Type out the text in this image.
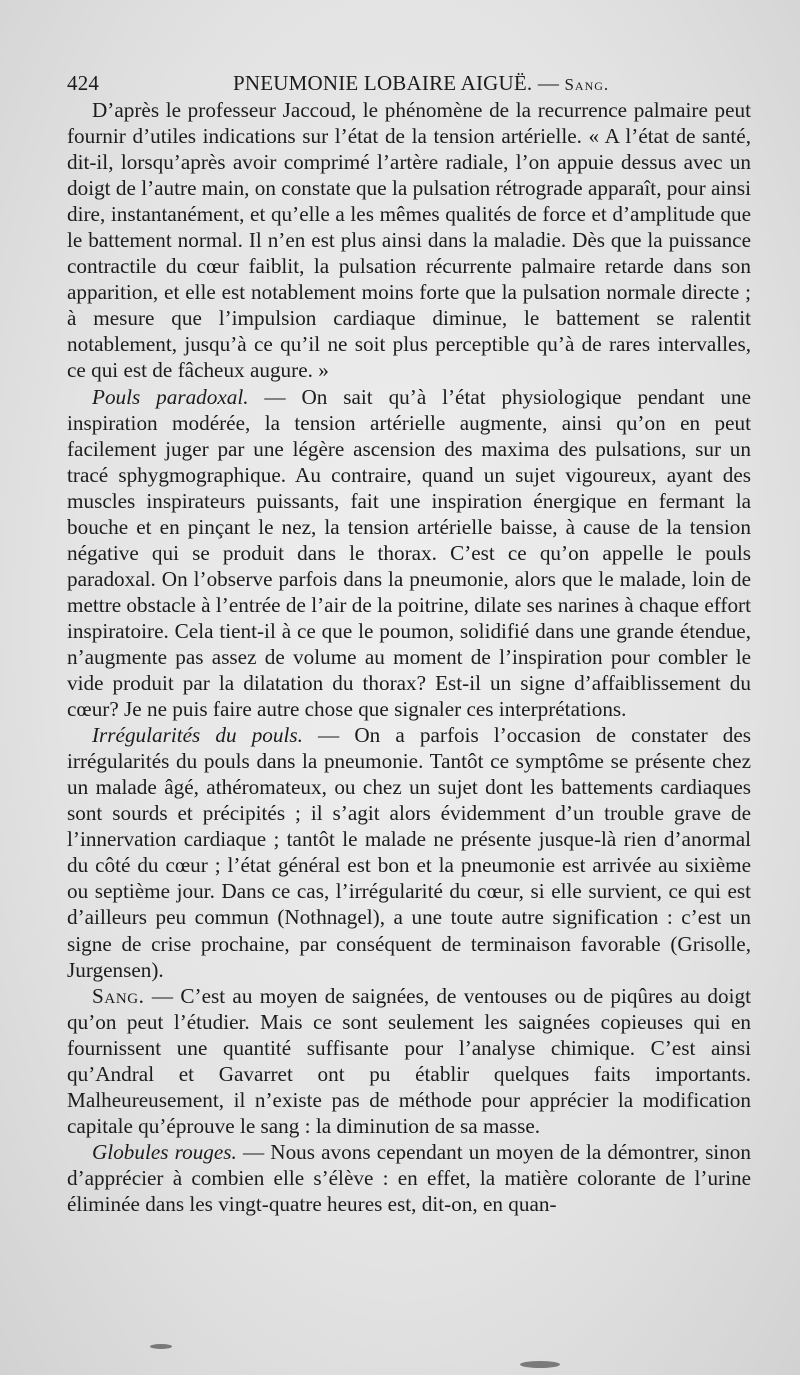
424	PNEUMONIE LOBAIRE AIGUË. — Sang.

D’après le professeur Jaccoud, le phénomène de la recurrence palmaire peut fournir d’utiles indications sur l’état de la tension artérielle. « A l’état de santé, dit-il, lorsqu’après avoir comprimé l’artère radiale, l’on appuie dessus avec un doigt de l’autre main, on constate que la pulsation rétrograde apparaît, pour ainsi dire, instantanément, et qu’elle a les mêmes qualités de force et d’amplitude que le battement normal. Il n’en est plus ainsi dans la maladie. Dès que la puissance contractile du cœur faiblit, la pulsation récurrente palmaire retarde dans son apparition, et elle est notablement moins forte que la pulsation normale directe ; à mesure que l’impulsion cardiaque diminue, le battement se ralentit notablement, jusqu’à ce qu’il ne soit plus perceptible qu’à de rares intervalles, ce qui est de fâcheux augure. »

Pouls paradoxal. — On sait qu’à l’état physiologique pendant une inspiration modérée, la tension artérielle augmente, ainsi qu’on en peut facilement juger par une légère ascension des maxima des pulsations, sur un tracé sphygmographique. Au contraire, quand un sujet vigoureux, ayant des muscles inspirateurs puissants, fait une inspiration énergique en fermant la bouche et en pinçant le nez, la tension artérielle baisse, à cause de la tension négative qui se produit dans le thorax. C’est ce qu’on appelle le pouls paradoxal. On l’observe parfois dans la pneumonie, alors que le malade, loin de mettre obstacle à l’entrée de l’air de la poitrine, dilate ses narines à chaque effort inspiratoire. Cela tient-il à ce que le poumon, solidifié dans une grande étendue, n’augmente pas assez de volume au moment de l’inspiration pour combler le vide produit par la dilatation du thorax? Est-il un signe d’affaiblissement du cœur? Je ne puis faire autre chose que signaler ces interprétations.

Irrégularités du pouls. — On a parfois l’occasion de constater des irrégularités du pouls dans la pneumonie. Tantôt ce symptôme se présente chez un malade âgé, athéromateux, ou chez un sujet dont les battements cardiaques sont sourds et précipités ; il s’agit alors évidemment d’un trouble grave de l’innervation cardiaque ; tantôt le malade ne présente jusque-là rien d’anormal du côté du cœur ; l’état général est bon et la pneumonie est arrivée au sixième ou septième jour. Dans ce cas, l’irrégularité du cœur, si elle survient, ce qui est d’ailleurs peu commun (Nothnagel), a une toute autre signification : c’est un signe de crise prochaine, par conséquent de terminaison favorable (Grisolle, Jurgensen).

Sang. — C’est au moyen de saignées, de ventouses ou de piqûres au doigt qu’on peut l’étudier. Mais ce sont seulement les saignées copieuses qui en fournissent une quantité suffisante pour l’analyse chimique. C’est ainsi qu’Andral et Gavarret ont pu établir quelques faits importants. Malheureusement, il n’existe pas de méthode pour apprécier la modification capitale qu’éprouve le sang : la diminution de sa masse.

Globules rouges. — Nous avons cependant un moyen de la démontrer, sinon d’apprécier à combien elle s’élève : en effet, la matière colorante de l’urine éliminée dans les vingt-quatre heures est, dit-on, en quan-
